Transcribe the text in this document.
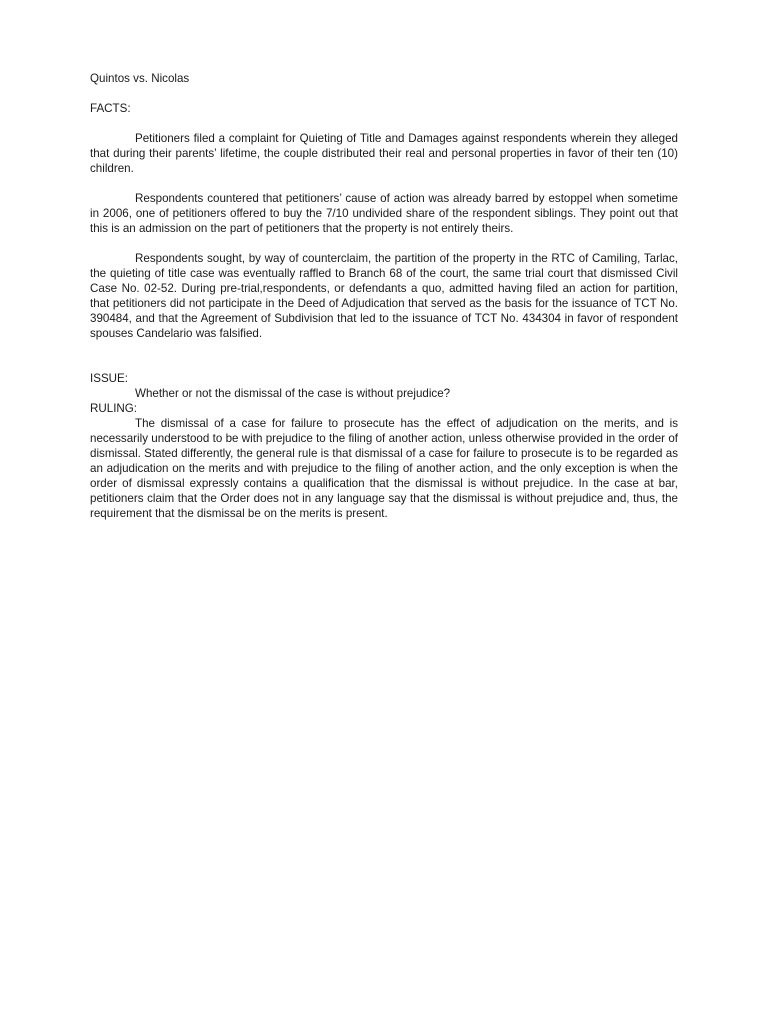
Quintos vs. Nicolas

FACTS:

Petitioners filed a complaint for Quieting of Title and Damages against respondents wherein they alleged that during their parents’ lifetime, the couple distributed their real and personal properties in favor of their ten (10) children.

Respondents countered that petitioners’ cause of action was already barred by estoppel when sometime in 2006, one of petitioners offered to buy the 7/10 undivided share of the respondent siblings. They point out that this is an admission on the part of petitioners that the property is not entirely theirs.

Respondents sought, by way of counterclaim, the partition of the property in the RTC of Camiling, Tarlac, the quieting of title case was eventually raffled to Branch 68 of the court, the same trial court that dismissed Civil Case No. 02-52. During pre-trial,respondents, or defendants a quo, admitted having filed an action for partition, that petitioners did not participate in the Deed of Adjudication that served as the basis for the issuance of TCT No. 390484, and that the Agreement of Subdivision that led to the issuance of TCT No. 434304 in favor of respondent spouses Candelario was falsified.

ISSUE:

Whether or not the dismissal of the case is without prejudice?

RULING:

The dismissal of a case for failure to prosecute has the effect of adjudication on the merits, and is necessarily understood to be with prejudice to the filing of another action, unless otherwise provided in the order of dismissal. Stated differently, the general rule is that dismissal of a case for failure to prosecute is to be regarded as an adjudication on the merits and with prejudice to the filing of another action, and the only exception is when the order of dismissal expressly contains a qualification that the dismissal is without prejudice. In the case at bar, petitioners claim that the Order does not in any language say that the dismissal is without prejudice and, thus, the requirement that the dismissal be on the merits is present.
